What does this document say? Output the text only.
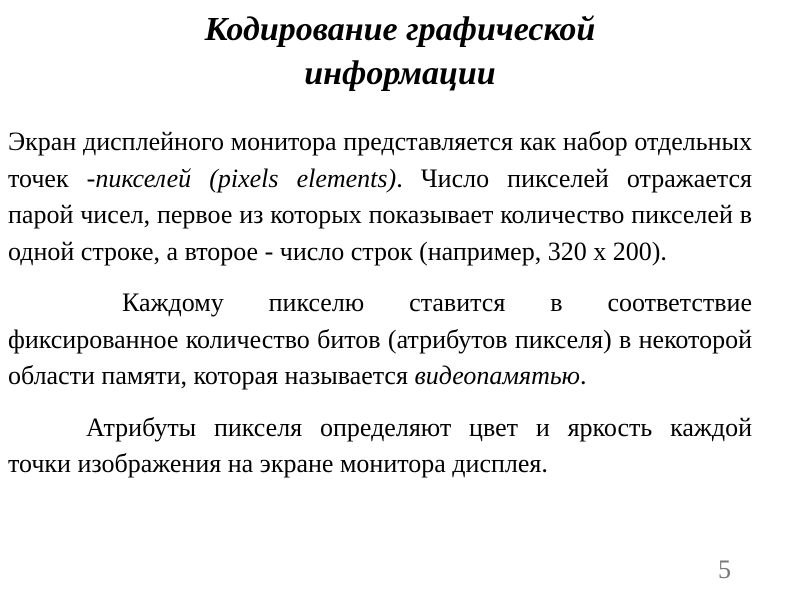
Кодирование графической
информации

Экран дисплейного монитора представляется как набор отдельных точек -пикселей (pixels elements). Число пикселей отражается парой чисел, первое из которых показывает количество пикселей в одной строке, а второе - число строк (например, 320 х 200).

Каждому пикселю ставится в соответствие фиксированное количество битов (атрибутов пикселя) в некоторой области памяти, которая называется видеопамятью.

Атрибуты пикселя определяют цвет и яркость каждой точки изображения на экране монитора дисплея.

5
